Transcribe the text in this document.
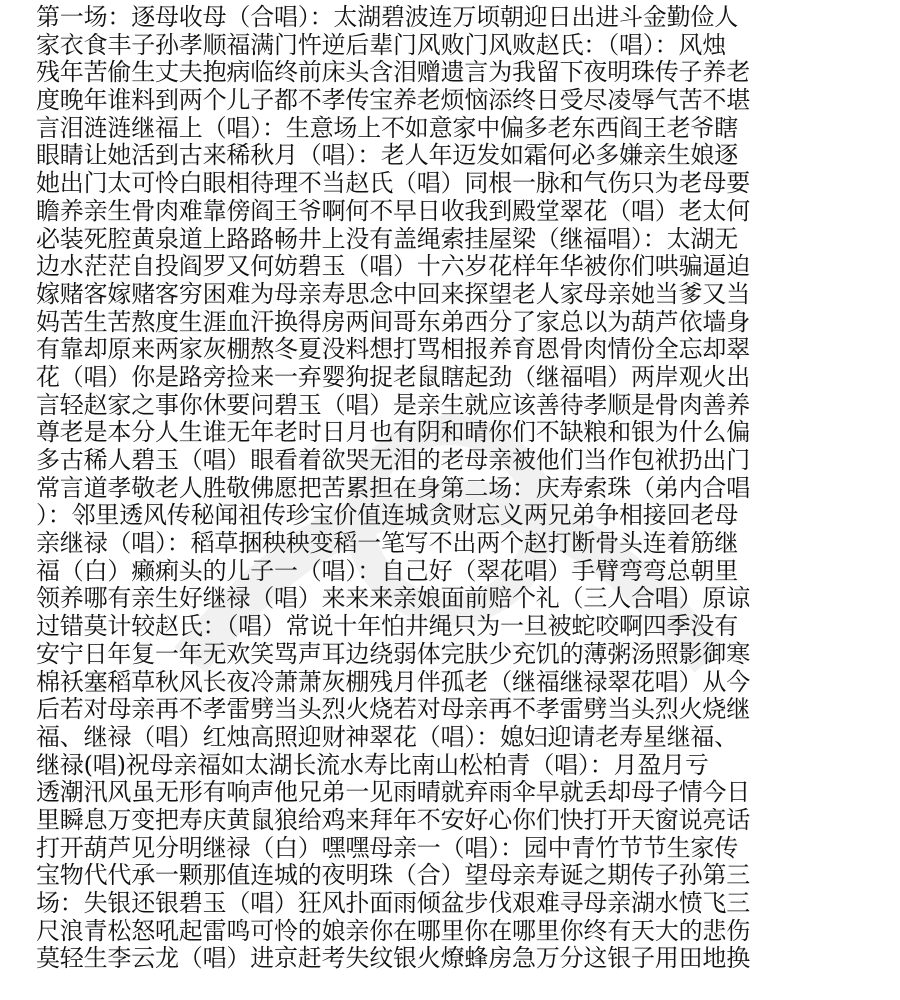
第一场：逐母收母（合唱）：太湖碧波连万顷朝迎日出进斗金勤俭人
家衣食丰子孙孝顺福满门忤逆后辈门风败门风败赵氏：（唱）：风烛
残年苦偷生丈夫抱病临终前床头含泪赠遗言为我留下夜明珠传子养老
度晚年谁料到两个儿子都不孝传宝养老烦恼添终日受尽凌辱气苦不堪
言泪涟涟继福上（唱）：生意场上不如意家中偏多老东西阎王老爷瞎
眼睛让她活到古来稀秋月（唱）：老人年迈发如霜何必多嫌亲生娘逐
她出门太可怜白眼相待理不当赵氏（唱）同根一脉和气伤只为老母要
瞻养亲生骨肉难靠傍阎王爷啊何不早日收我到殿堂翠花（唱）老太何
必装死腔黄泉道上路路畅井上没有盖绳索挂屋梁（继福唱）：太湖无
边水茫茫自投阎罗又何妨碧玉（唱）十六岁花样年华被你们哄骗逼迫
嫁赌客嫁赌客穷困难为母亲寿思念中回来探望老人家母亲她当爹又当
妈苦生苦熬度生涯血汗换得房两间哥东弟西分了家总以为葫芦依墙身
有靠却原来两家灰棚熬冬夏没料想打骂相报养育恩骨肉情份全忘却翠
花（唱）你是路旁捡来一弃婴狗捉老鼠瞎起劲（继福唱）两岸观火出
言轻赵家之事你休要问碧玉（唱）是亲生就应该善待孝顺是骨肉善养
尊老是本分人生谁无年老时日月也有阴和晴你们不缺粮和银为什么偏
多古稀人碧玉（唱）眼看着欲哭无泪的老母亲被他们当作包袱扔出门
常言道孝敬老人胜敬佛愿把苦累担在身第二场：庆寿索珠（弟内合唱
）：邻里透风传秘闻祖传珍宝价值连城贪财忘义两兄弟争相接回老母
亲继禄（唱）：稻草捆秧秧变稻一笔写不出两个赵打断骨头连着筋继
福（白）癞痢头的儿子一（唱）：自己好（翠花唱）手臂弯弯总朝里
领养哪有亲生好继禄（唱）来来来亲娘面前赔个礼（三人合唱）原谅
过错莫计较赵氏：（唱）常说十年怕井绳只为一旦被蛇咬啊四季没有
安宁日年复一年无欢笑骂声耳边绕弱体完肤少充饥的薄粥汤照影御寒
棉袄塞稻草秋风长夜冷萧萧灰棚残月伴孤老（继福继禄翠花唱）从今
后若对母亲再不孝雷劈当头烈火烧若对母亲再不孝雷劈当头烈火烧继
福、继禄（唱）红烛高照迎财神翠花（唱）：媳妇迎请老寿星继福、
继禄(唱)祝母亲福如太湖长流水寿比南山松柏青（唱）：月盈月亏
透潮汛风虽无形有响声他兄弟一见雨晴就弃雨伞早就丢却母子情今日
里瞬息万变把寿庆黄鼠狼给鸡来拜年不安好心你们快打开天窗说亮话
打开葫芦见分明继禄（白）嘿嘿母亲一（唱）：园中青竹节节生家传
宝物代代承一颗那值连城的夜明珠（合）望母亲寿诞之期传子孙第三
场：失银还银碧玉（唱）狂风扑面雨倾盆步伐艰难寻母亲湖水愤飞三
尺浪青松怒吼起雷鸣可怜的娘亲你在哪里你在哪里你终有天大的悲伤
莫轻生李云龙（唱）进京赶考失纹银火燎蜂房急万分这银子用田地换
